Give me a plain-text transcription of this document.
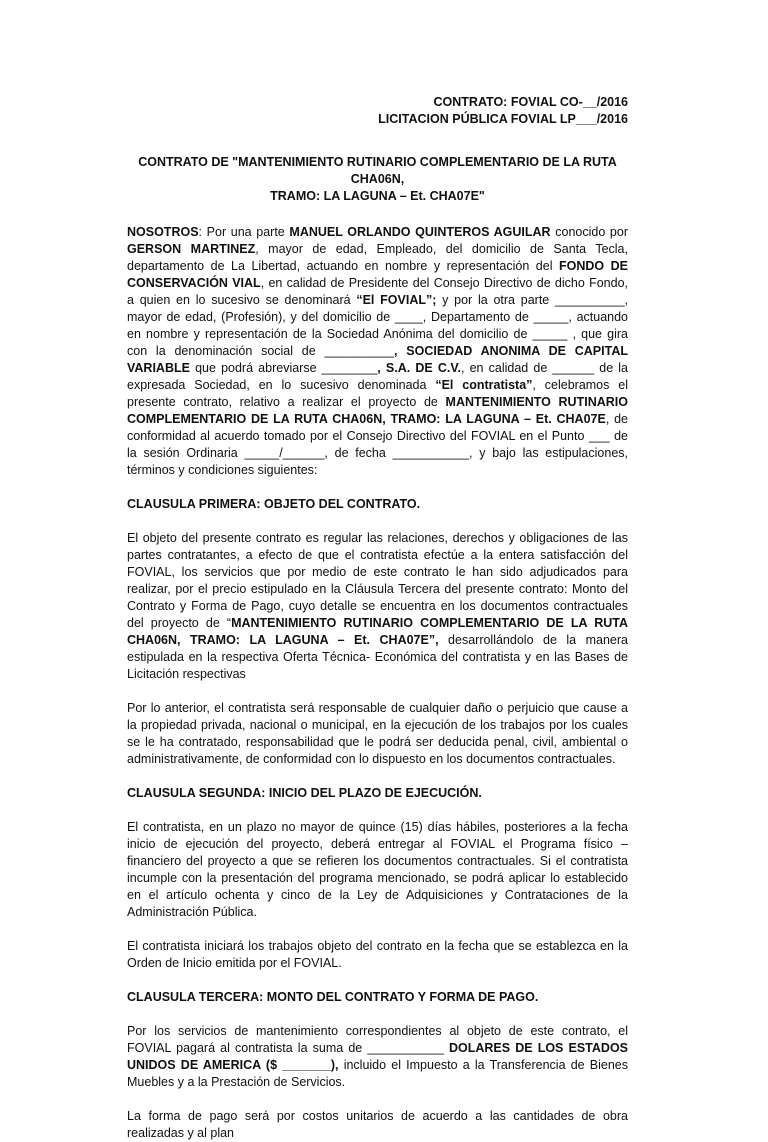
CONTRATO: FOVIAL CO-__/2016
LICITACION PÚBLICA FOVIAL LP___/2016
CONTRATO DE "MANTENIMIENTO RUTINARIO COMPLEMENTARIO DE LA RUTA CHA06N,
TRAMO: LA LAGUNA – Et. CHA07E"

NOSOTROS: Por una parte MANUEL ORLANDO QUINTEROS AGUILAR conocido por GERSON MARTINEZ, mayor de edad, Empleado, del domicilio de Santa Tecla, departamento de La Libertad, actuando en nombre y representación del FONDO DE CONSERVACIÓN VIAL, en calidad de Presidente del Consejo Directivo de dicho Fondo, a quien en lo sucesivo se denominará “El FOVIAL”; y por la otra parte __________, mayor de edad, (Profesión), y del domicilio de ____, Departamento de _____, actuando en nombre y representación de la Sociedad Anónima del domicilio de _____ , que gira con la denominación social de __________, SOCIEDAD ANONIMA DE CAPITAL VARIABLE que podrá abreviarse ________, S.A. DE C.V., en calidad de ______ de la expresada Sociedad, en lo sucesivo denominada “El contratista”, celebramos el presente contrato, relativo a realizar el proyecto de MANTENIMIENTO RUTINARIO COMPLEMENTARIO DE LA RUTA CHA06N, TRAMO: LA LAGUNA – Et. CHA07E, de conformidad al acuerdo tomado por el Consejo Directivo del FOVIAL en el Punto ___ de la sesión Ordinaria _____/______, de fecha ___________, y bajo las estipulaciones, términos y condiciones siguientes:

CLAUSULA PRIMERA: OBJETO DEL CONTRATO.

El objeto del presente contrato es regular las relaciones, derechos y obligaciones de las partes contratantes, a efecto de que el contratista efectúe a la entera satisfacción del FOVIAL, los servicios que por medio de este contrato le han sido adjudicados para realizar, por el precio estipulado en la Cláusula Tercera del presente contrato: Monto del Contrato y Forma de Pago, cuyo detalle se encuentra en los documentos contractuales del proyecto de “MANTENIMIENTO RUTINARIO COMPLEMENTARIO DE LA RUTA CHA06N, TRAMO: LA LAGUNA – Et. CHA07E”, desarrollándolo de la manera estipulada en la respectiva Oferta Técnica- Económica del contratista y en las Bases de Licitación respectivas

Por lo anterior, el contratista será responsable de cualquier daño o perjuicio que cause a la propiedad privada, nacional o municipal, en la ejecución de los trabajos por los cuales se le ha contratado, responsabilidad que le podrá ser deducida penal, civil, ambiental o administrativamente, de conformidad con lo dispuesto en los documentos contractuales.

CLAUSULA SEGUNDA: INICIO DEL PLAZO DE EJECUCIÓN.

El contratista, en un plazo no mayor de quince (15) días hábiles, posteriores a la fecha inicio de ejecución del proyecto, deberá entregar al FOVIAL el Programa físico – financiero del proyecto a que se refieren los documentos contractuales. Si el contratista incumple con la presentación del programa mencionado, se podrá aplicar lo establecido en el artículo ochenta y cinco de la Ley de Adquisiciones y Contrataciones de la Administración Pública.

El contratista iniciará los trabajos objeto del contrato en la fecha que se establezca en la Orden de Inicio emitida por el FOVIAL.

CLAUSULA TERCERA: MONTO DEL CONTRATO Y FORMA DE PAGO.

Por los servicios de mantenimiento correspondientes al objeto de este contrato, el FOVIAL pagará al contratista la suma de ___________ DOLARES DE LOS ESTADOS UNIDOS DE AMERICA ($ _______), incluido el Impuesto a la Transferencia de Bienes Muebles y a la Prestación de Servicios.

La forma de pago será por costos unitarios de acuerdo a las cantidades de obra realizadas y al plan
